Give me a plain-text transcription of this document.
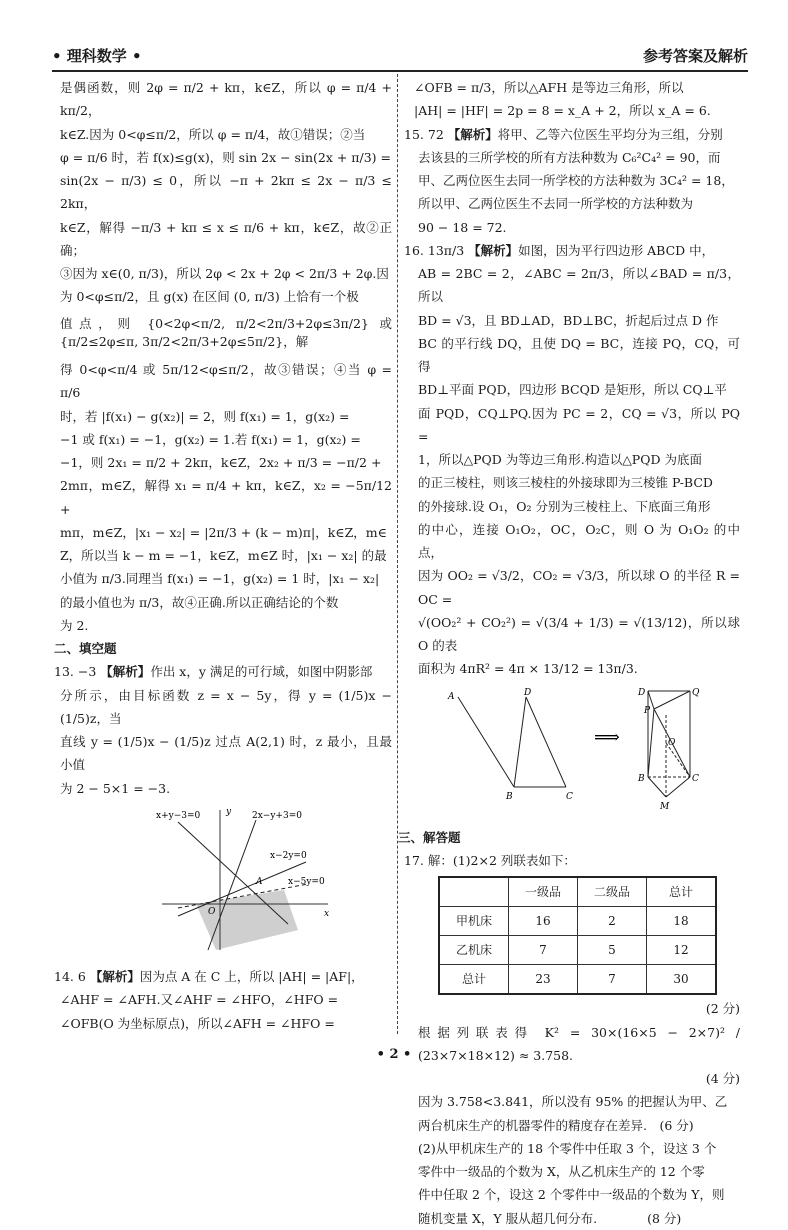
• 理科数学 •	参考答案及解析

是偶函数，则 2φ = π/2 + kπ，k∈Z，所以 φ = π/4 + kπ/2，

k∈Z.因为 0<φ≤π/2，所以 φ = π/4，故①错误；②当

φ = π/6 时，若 f(x)≤g(x)，则 sin 2x − sin(2x + π/3) =

sin(2x − π/3) ≤ 0，所以 −π + 2kπ ≤ 2x − π/3 ≤ 2kπ，

k∈Z，解得 −π/3 + kπ ≤ x ≤ π/6 + kπ，k∈Z，故②正确；

③因为 x∈(0, π/3)，所以 2φ < 2x + 2φ < 2π/3 + 2φ.因

为 0<φ≤π/2，且 g(x) 在区间 (0, π/3) 上恰有一个极

值点，则 {0<2φ<π/2, π/2<2π/3+2φ≤3π/2} 或 {π/2≤2φ≤π, 3π/2<2π/3+2φ≤5π/2}，解

得 0<φ<π/4 或 5π/12<φ≤π/2，故③错误；④当 φ = π/6

时，若 |f(x₁) − g(x₂)| = 2，则 f(x₁) = 1，g(x₂) =

−1 或 f(x₁) = −1，g(x₂) = 1.若 f(x₁) = 1，g(x₂) =

−1，则 2x₁ = π/2 + 2kπ，k∈Z，2x₂ + π/3 = −π/2 +

2mπ，m∈Z，解得 x₁ = π/4 + kπ，k∈Z，x₂ = −5π/12 +

mπ，m∈Z，|x₁ − x₂| = |2π/3 + (k − m)π|，k∈Z，m∈

Z，所以当 k − m = −1，k∈Z，m∈Z 时，|x₁ − x₂| 的最

小值为 π/3.同理当 f(x₁) = −1，g(x₂) = 1 时，|x₁ − x₂|

的最小值也为 π/3，故④正确.所以正确结论的个数

为 2.

二、填空题

13. −3 【解析】作出 x，y 满足的可行域，如图中阴影部

分所示，由目标函数 z = x − 5y，得 y = (1/5)x − (1/5)z，当

直线 y = (1/5)x − (1/5)z 过点 A(2,1) 时，z 最小，且最小值

为 2 − 5×1 = −3.

x+y−3=0	2x−y+3=0
x−2y=0
x−5y=0
A
O	x
y

14. 6 【解析】因为点 A 在 C 上，所以 |AH| = |AF|，

∠AHF = ∠AFH.又∠AHF = ∠HFO，∠HFO =

∠OFB(O 为坐标原点)，所以∠AFH = ∠HFO =

∠OFB = π/3，所以△AFH 是等边三角形，所以

|AH| = |HF| = 2p = 8 = x_A + 2，所以 x_A = 6.

15. 72 【解析】将甲、乙等六位医生平均分为三组，分别

去该县的三所学校的所有方法种数为 C₆²C₄² = 90，而

甲、乙两位医生去同一所学校的方法种数为 3C₄² = 18，

所以甲、乙两位医生不去同一所学校的方法种数为

90 − 18 = 72.

16. 13π/3 【解析】如图，因为平行四边形 ABCD 中，

AB = 2BC = 2，∠ABC = 2π/3，所以∠BAD = π/3，所以

BD = √3，且 BD⊥AD，BD⊥BC，折起后过点 D 作

BC 的平行线 DQ，且使 DQ = BC，连接 PQ，CQ，可得

BD⊥平面 PQD，四边形 BCQD 是矩形，所以 CQ⊥平

面 PQD，CQ⊥PQ.因为 PC = 2，CQ = √3，所以 PQ =

1，所以△PQD 为等边三角形.构造以△PQD 为底面

的正三棱柱，则该三棱柱的外接球即为三棱锥 P-BCD

的外接球.设 O₁，O₂ 分别为三棱柱上、下底面三角形

的中心，连接 O₁O₂，OC，O₂C，则 O 为 O₁O₂ 的中点，

因为 OO₂ = √3/2，CO₂ = √3/3，所以球 O 的半径 R = OC =

√(OO₂² + CO₂²) = √(3/4 + 1/3) = √(13/12)，所以球 O 的表

面积为 4πR² = 4π × 13/12 = 13π/3.

A
B	C
D
⟹
D	Q
P
O
B	C
M
三、解答题

17. 解：(1)2×2 列联表如下：

	一级品	二级品	总计
甲机床	16	2	18
乙机床	7	5	12
总计	23	7	30
(2 分)

根据列联表得 K² = 30×(16×5 − 2×7)² / (23×7×18×12) ≈ 3.758.

(4 分)

因为 3.758<3.841，所以没有 95% 的把握认为甲、乙

两台机床生产的机器零件的精度存在差异.　(6 分)

(2)从甲机床生产的 18 个零件中任取 3 个，设这 3 个

零件中一级品的个数为 X，从乙机床生产的 12 个零

件中任取 2 个，设这 2 个零件中一级品的个数为 Y，则

随机变量 X，Y 服从超几何分布.　　　　(8 分)

• 2 •
